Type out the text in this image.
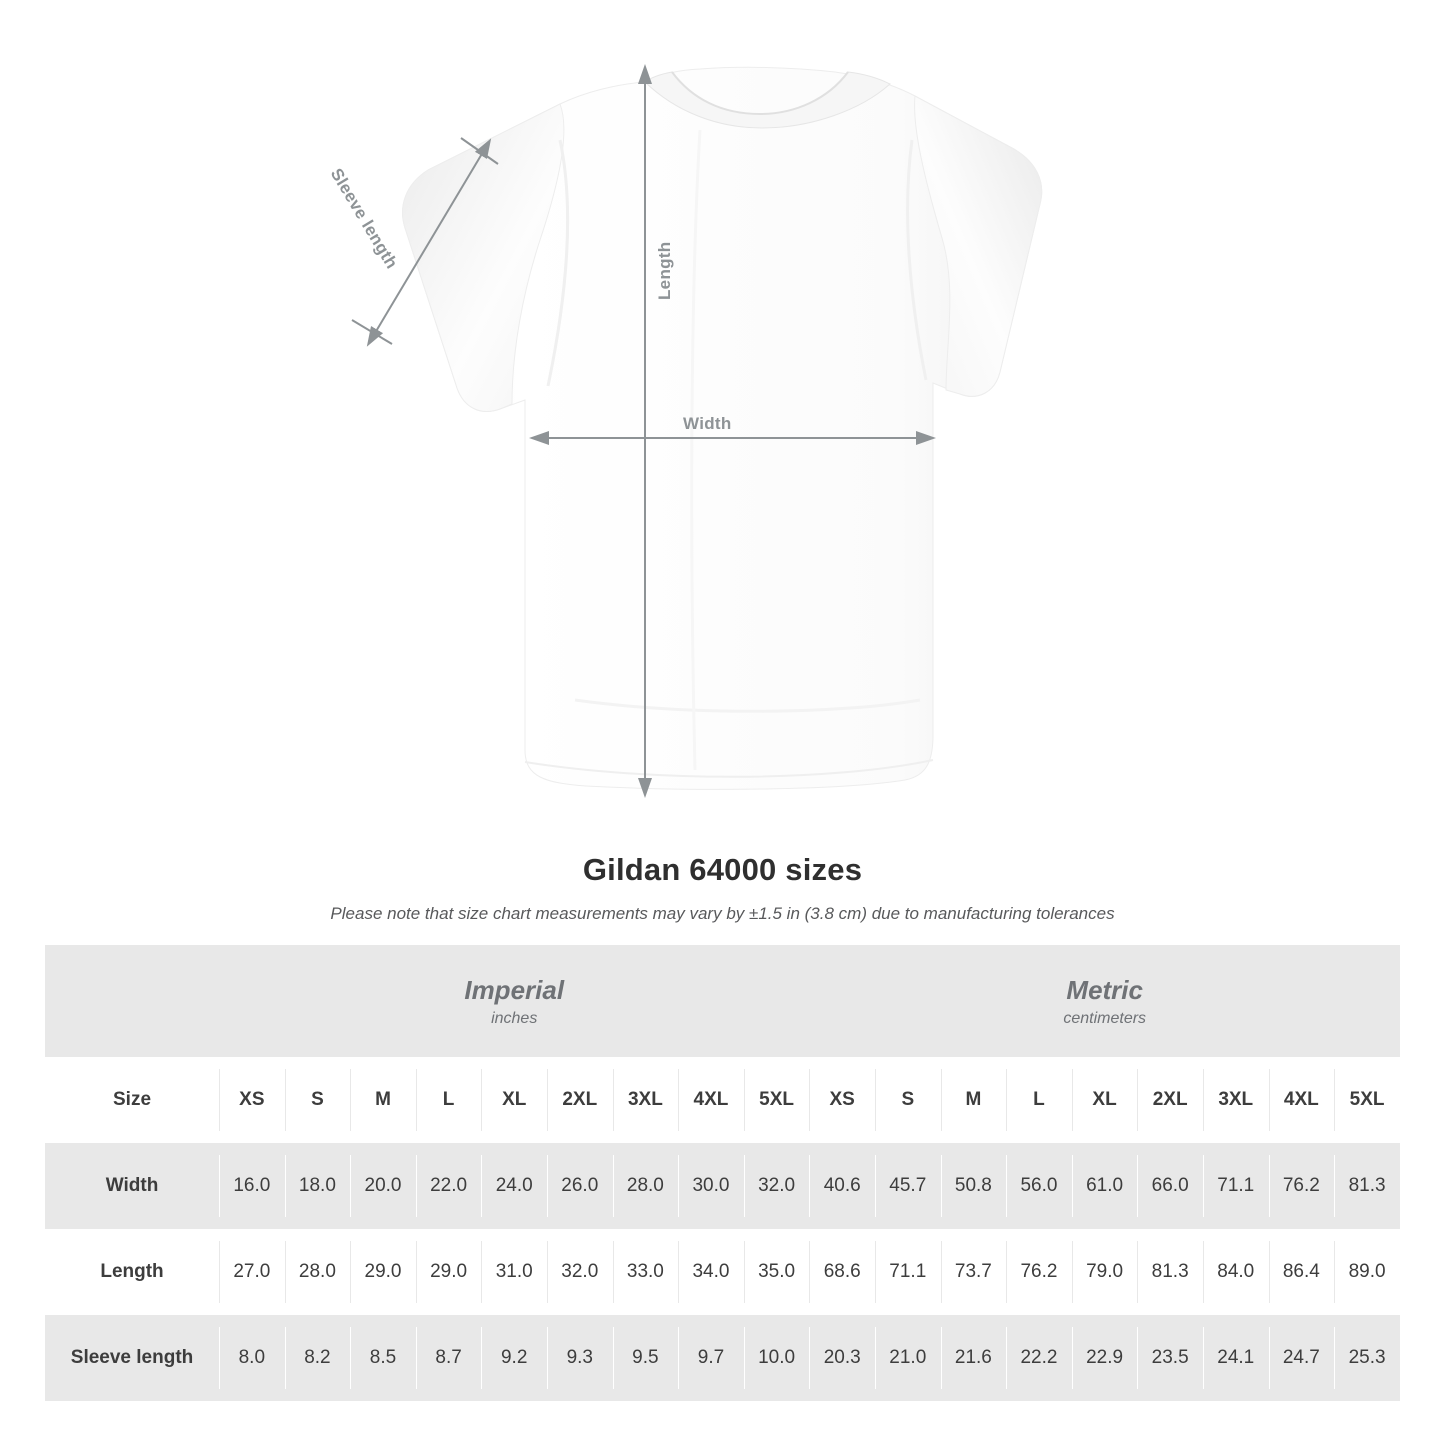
Sleeve length	Length
Width
Gildan 64000 sizes

Please note that size chart measurements may vary by ±1.5 in (3.8 cm) due to manufacturing tolerances

Imperial
inches

Metric
centimeters

Size	XS	S	M	L	XL	2XL	3XL	4XL	5XL	XS	S	M	L	XL	2XL	3XL	4XL	5XL
Width	16.0	18.0	20.0	22.0	24.0	26.0	28.0	30.0	32.0	40.6	45.7	50.8	56.0	61.0	66.0	71.1	76.2	81.3
Length	27.0	28.0	29.0	29.0	31.0	32.0	33.0	34.0	35.0	68.6	71.1	73.7	76.2	79.0	81.3	84.0	86.4	89.0
Sleeve length	8.0	8.2	8.5	8.7	9.2	9.3	9.5	9.7	10.0	20.3	21.0	21.6	22.2	22.9	23.5	24.1	24.7	25.3
